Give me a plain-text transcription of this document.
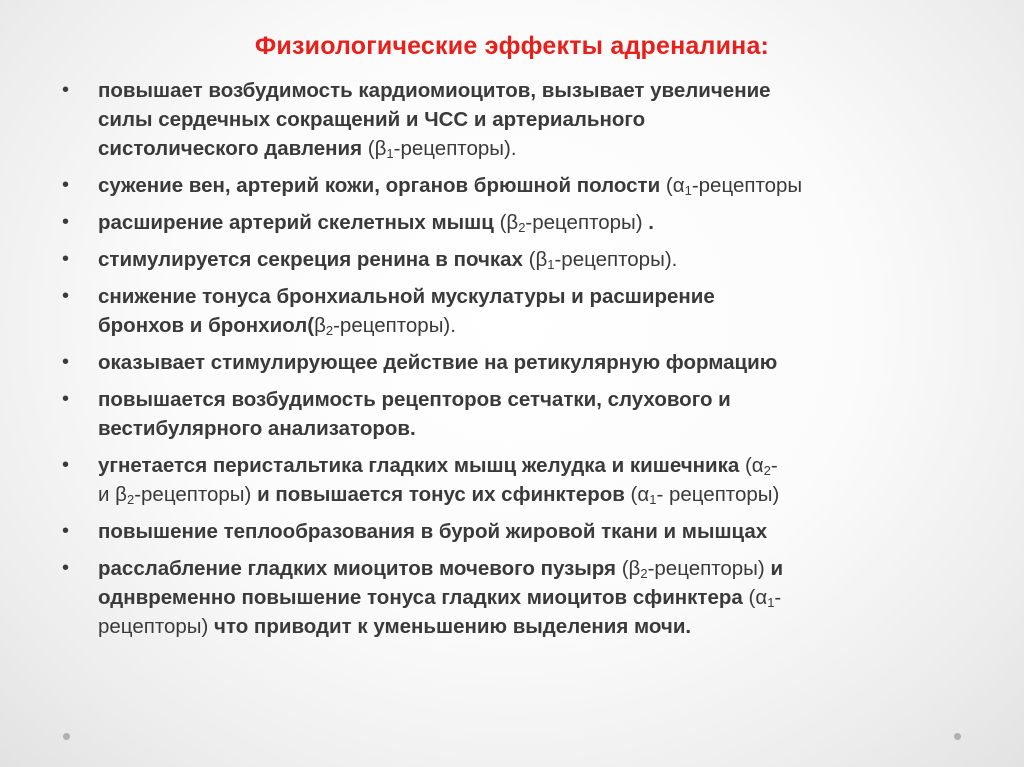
Физиологические эффекты адреналина:
• повышает возбудимость кардиомиоцитов, вызывает увеличение
силы сердечных сокращений и ЧСС и артериального
систолического давления $(\beta_1-рецепторы)$.
• сужение вен, артерий кожи, органов брюшной полости ($\alpha_1$-рецепторы
• расширение артерий скелетных мышц $(\beta_2-рецепторы)$ .
• стимулируется секреция ренина в почках $(\beta_1-рецепторы)$.
• снижение тонуса бронхиальной мускулатуры и расширение
бронхов и $бронхиол(\beta_2-рецепторы)$.
• оказывает стимулирующее действие на ретикулярную формацию
• повышается возбудимость рецепторов сетчатки, слухового и
вестибулярного анализаторов.
• угнетается перистальтика гладких мышц желудка и кишечника ($\alpha_2-$
и $\beta_2-рецепторы$) и повышается тонус их сфинктеров ($\alpha_1-$ рецепторы)
• повышение теплообразования в бурой жировой ткани и мышцах
• расслабление гладких миоцитов мочевого пузыря $(\beta_2-рецепторы)$ и
однвременно повышение тонуса гладких миоцитов сфинктера ($\alpha_1-$
рецепторы) что приводит к уменьшению выделения мочи.
